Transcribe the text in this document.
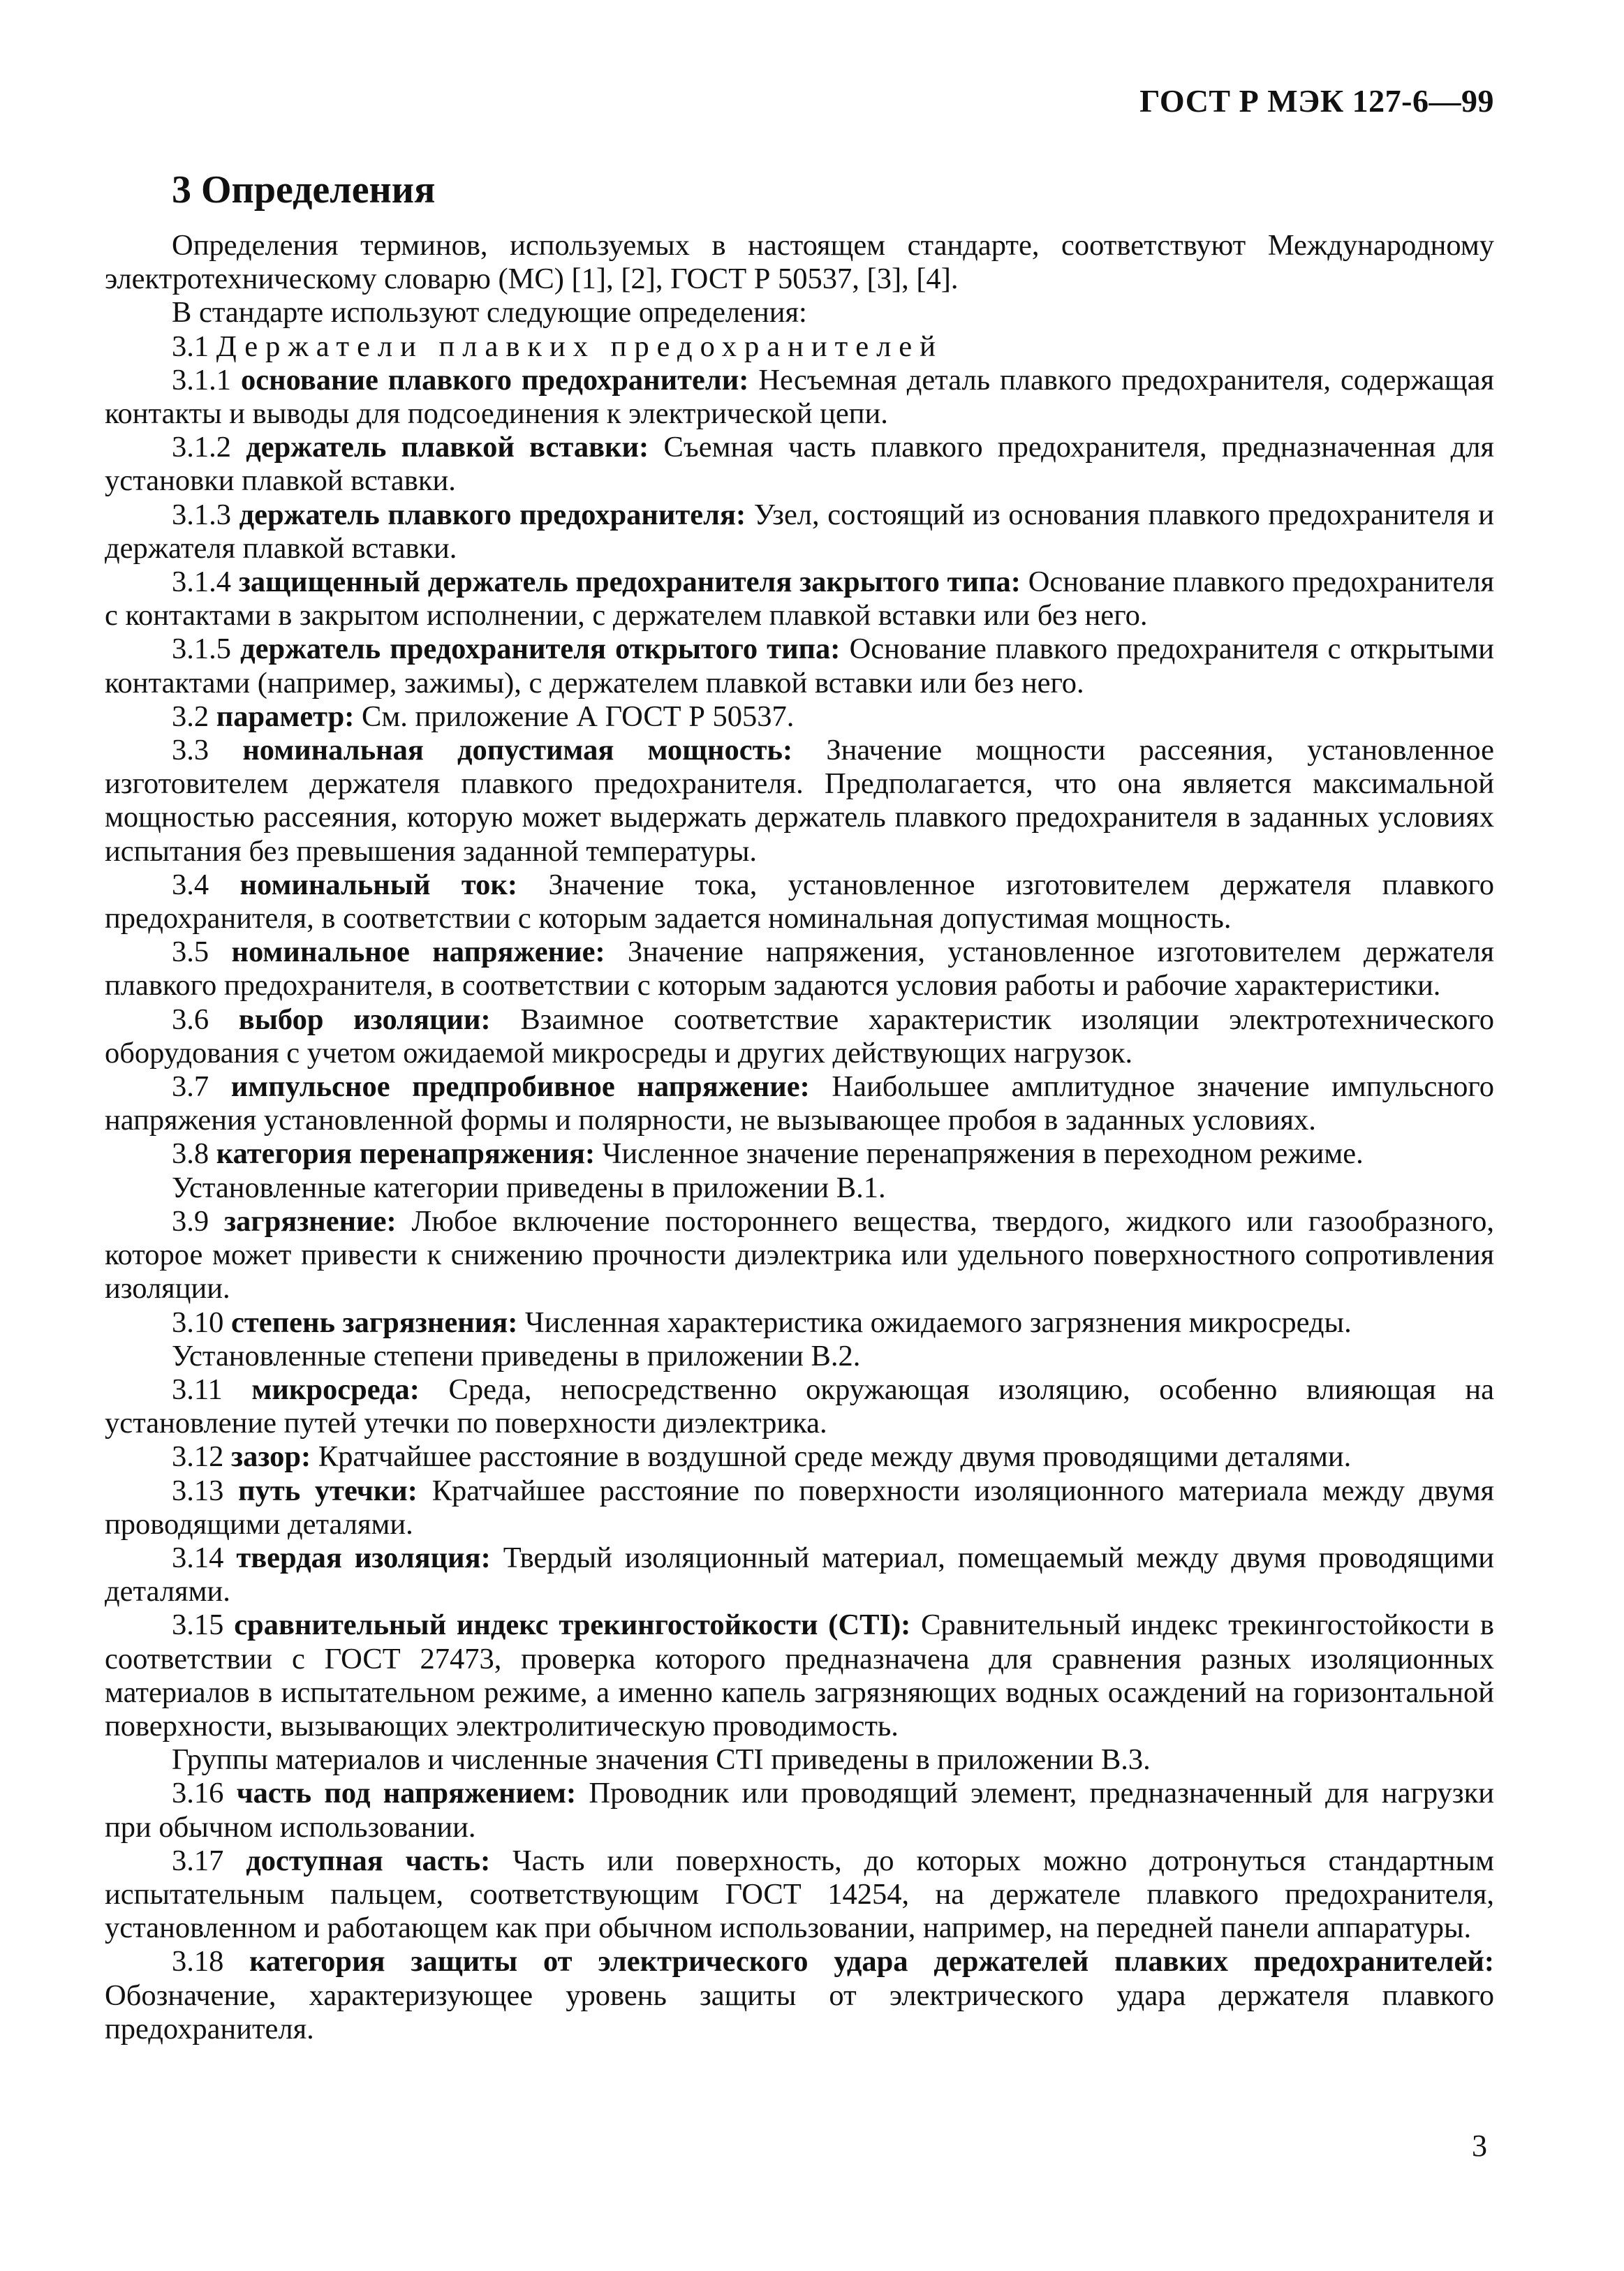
ГОСТ Р МЭК 127-6—99
3 Определения

Определения терминов, используемых в настоящем стандарте, соответствуют Международному электротехническому словарю (МС) [1], [2], ГОСТ Р 50537, [3], [4].

В стандарте используют следующие определения:

3.1 Держатели плавких предохранителей

3.1.1 основание плавкого предохранители: Несъемная деталь плавкого предохранителя, содержащая контакты и выводы для подсоединения к электрической цепи.

3.1.2 держатель плавкой вставки: Съемная часть плавкого предохранителя, предназначенная для установки плавкой вставки.

3.1.3 держатель плавкого предохранителя: Узел, состоящий из основания плавкого предохранителя и держателя плавкой вставки.

3.1.4 защищенный держатель предохранителя закрытого типа: Основание плавкого предохранителя с контактами в закрытом исполнении, с держателем плавкой вставки или без него.

3.1.5 держатель предохранителя открытого типа: Основание плавкого предохранителя с открытыми контактами (например, зажимы), с держателем плавкой вставки или без него.

3.2 параметр: См. приложение А ГОСТ Р 50537.

3.3 номинальная допустимая мощность: Значение мощности рассеяния, установленное изготовителем держателя плавкого предохранителя. Предполагается, что она является максимальной мощностью рассеяния, которую может выдержать держатель плавкого предохранителя в заданных условиях испытания без превышения заданной температуры.

3.4 номинальный ток: Значение тока, установленное изготовителем держателя плавкого предохранителя, в соответствии с которым задается номинальная допустимая мощность.

3.5 номинальное напряжение: Значение напряжения, установленное изготовителем держателя плавкого предохранителя, в соответствии с которым задаются условия работы и рабочие характеристики.

3.6 выбор изоляции: Взаимное соответствие характеристик изоляции электротехнического оборудования с учетом ожидаемой микросреды и других действующих нагрузок.

3.7 импульсное предпробивное напряжение: Наибольшее амплитудное значение импульсного напряжения установленной формы и полярности, не вызывающее пробоя в заданных условиях.

3.8 категория перенапряжения: Численное значение перенапряжения в переходном режиме.

Установленные категории приведены в приложении В.1.

3.9 загрязнение: Любое включение постороннего вещества, твердого, жидкого или газообразного, которое может привести к снижению прочности диэлектрика или удельного поверхностного сопротивления изоляции.

3.10 степень загрязнения: Численная характеристика ожидаемого загрязнения микросреды.

Установленные степени приведены в приложении В.2.

3.11 микросреда: Среда, непосредственно окружающая изоляцию, особенно влияющая на установление путей утечки по поверхности диэлектрика.

3.12 зазор: Кратчайшее расстояние в воздушной среде между двумя проводящими деталями.

3.13 путь утечки: Кратчайшее расстояние по поверхности изоляционного материала между двумя проводящими деталями.

3.14 твердая изоляция: Твердый изоляционный материал, помещаемый между двумя проводящими деталями.

3.15 сравнительный индекс трекингостойкости (СТI): Сравнительный индекс трекингостойкости в соответствии с ГОСТ 27473, проверка которого предназначена для сравнения разных изоляционных материалов в испытательном режиме, а именно капель загрязняющих водных осаждений на горизонтальной поверхности, вызывающих электролитическую проводимость.

Группы материалов и численные значения СТI приведены в приложении В.3.

3.16 часть под напряжением: Проводник или проводящий элемент, предназначенный для нагрузки при обычном использовании.

3.17 доступная часть: Часть или поверхность, до которых можно дотронуться стандартным испытательным пальцем, соответствующим ГОСТ 14254, на держателе плавкого предохранителя, установленном и работающем как при обычном использовании, например, на передней панели аппаратуры.

3.18 категория защиты от электрического удара держателей плавких предохранителей: Обозначение, характеризующее уровень защиты от электрического удара держателя плавкого предохранителя.

3
